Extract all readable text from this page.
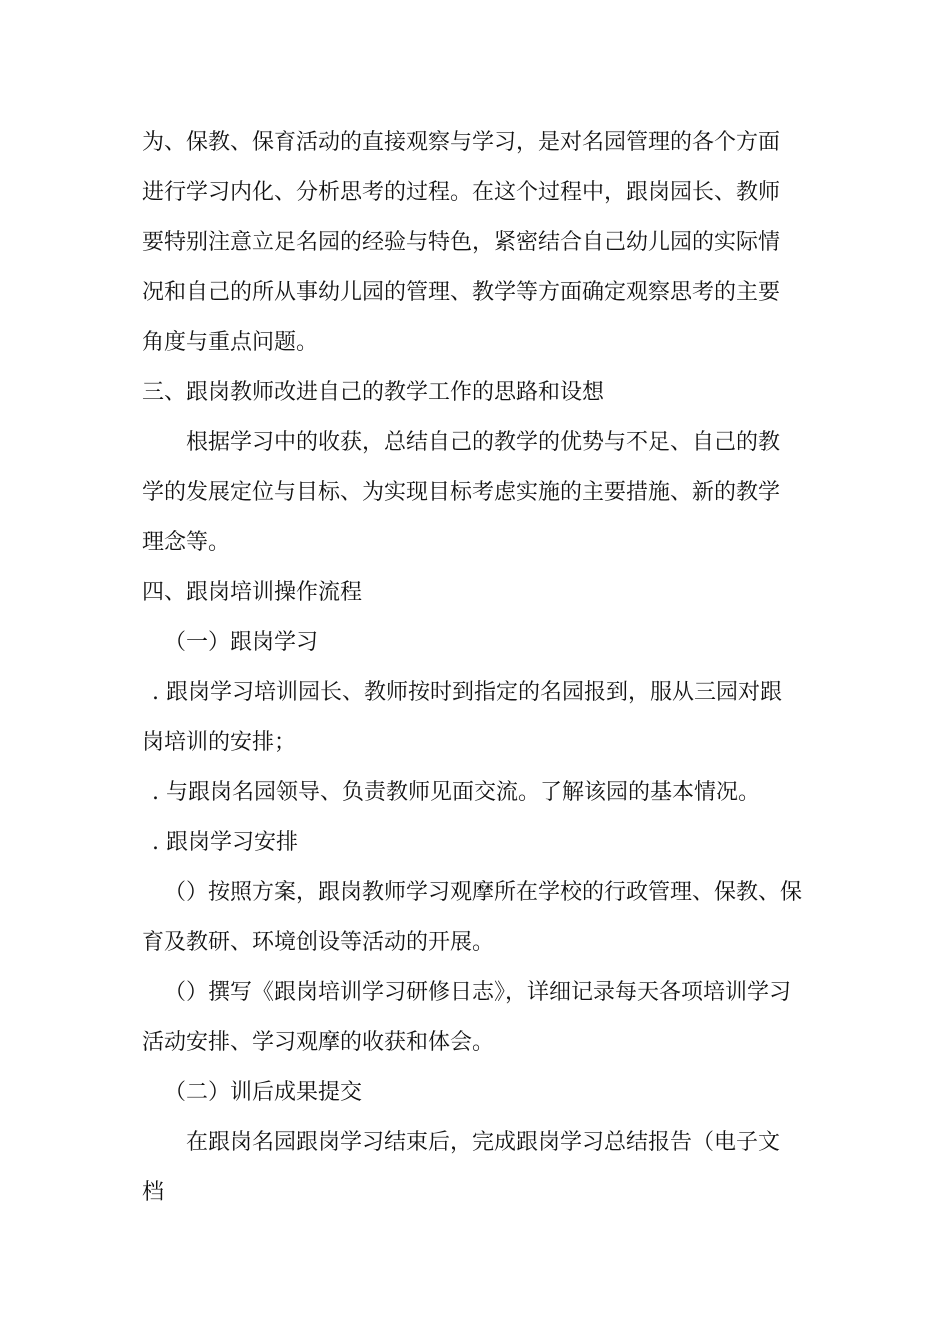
为、保教、保育活动的直接观察与学习，是对名园管理的各个方面
进行学习内化、分析思考的过程。在这个过程中，跟岗园长、教师
要特别注意立足名园的经验与特色，紧密结合自己幼儿园的实际情
况和自己的所从事幼儿园的管理、教学等方面确定观察思考的主要
角度与重点问题。
三、跟岗教师改进自己的教学工作的思路和设想
根据学习中的收获，总结自己的教学的优势与不足、自己的教
学的发展定位与目标、为实现目标考虑实施的主要措施、新的教学
理念等。
四、跟岗培训操作流程
（一）跟岗学习
. 跟岗学习培训园长、教师按时到指定的名园报到，服从三园对跟
岗培训的安排；
. 与跟岗名园领导、负责教师见面交流。了解该园的基本情况。
. 跟岗学习安排
（）按照方案，跟岗教师学习观摩所在学校的行政管理、保教、保
育及教研、环境创设等活动的开展。
（）撰写《跟岗培训学习研修日志》，详细记录每天各项培训学习
活动安排、学习观摩的收获和体会。
（二）训后成果提交
在跟岗名园跟岗学习结束后，完成跟岗学习总结报告（电子文
档
